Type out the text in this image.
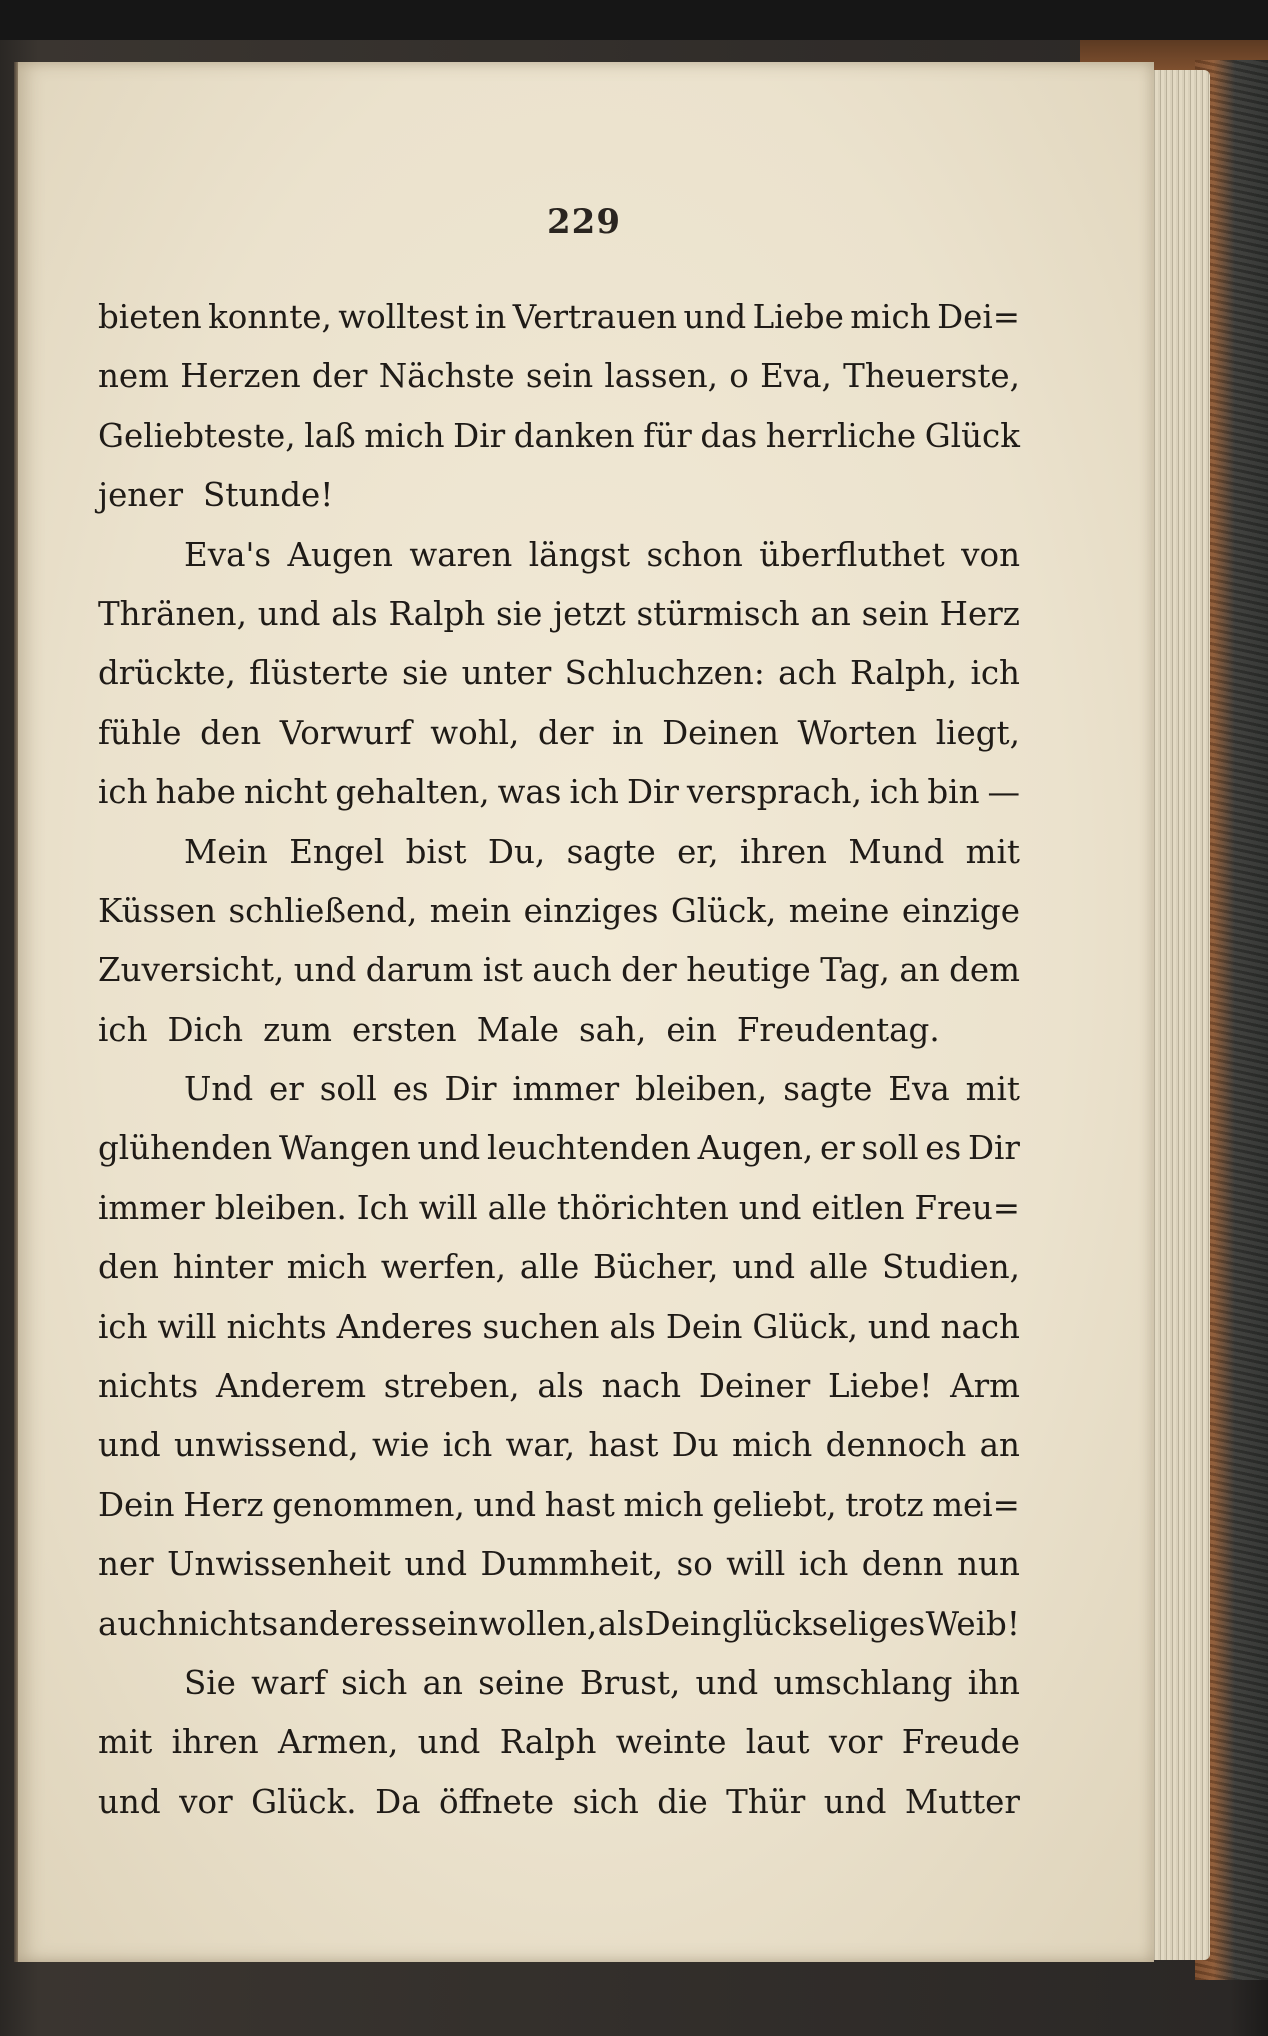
229
bieten konnte, wolltest in Vertrauen und Liebe mich Dei=
nem Herzen der Nächste sein lassen, o Eva, Theuerste,
Geliebteste, laß mich Dir danken für das herrliche Glück
jener Stunde!
Eva's Augen waren längst schon überfluthet von
Thränen, und als Ralph sie jetzt stürmisch an sein Herz
drückte, flüsterte sie unter Schluchzen: ach Ralph, ich
fühle den Vorwurf wohl, der in Deinen Worten liegt,
ich habe nicht gehalten, was ich Dir versprach, ich bin —
Mein Engel bist Du, sagte er, ihren Mund mit
Küssen schließend, mein einziges Glück, meine einzige
Zuversicht, und darum ist auch der heutige Tag, an dem
ich Dich zum ersten Male sah, ein Freudentag.
Und er soll es Dir immer bleiben, sagte Eva mit
glühenden Wangen und leuchtenden Augen, er soll es Dir
immer bleiben. Ich will alle thörichten und eitlen Freu=
den hinter mich werfen, alle Bücher, und alle Studien,
ich will nichts Anderes suchen als Dein Glück, und nach
nichts Anderem streben, als nach Deiner Liebe! Arm
und unwissend, wie ich war, hast Du mich dennoch an
Dein Herz genommen, und hast mich geliebt, trotz mei=
ner Unwissenheit und Dummheit, so will ich denn nun
auch nichts anderes sein wollen, als Dein glückseliges Weib!
Sie warf sich an seine Brust, und umschlang ihn
mit ihren Armen, und Ralph weinte laut vor Freude
und vor Glück. Da öffnete sich die Thür und Mutter
